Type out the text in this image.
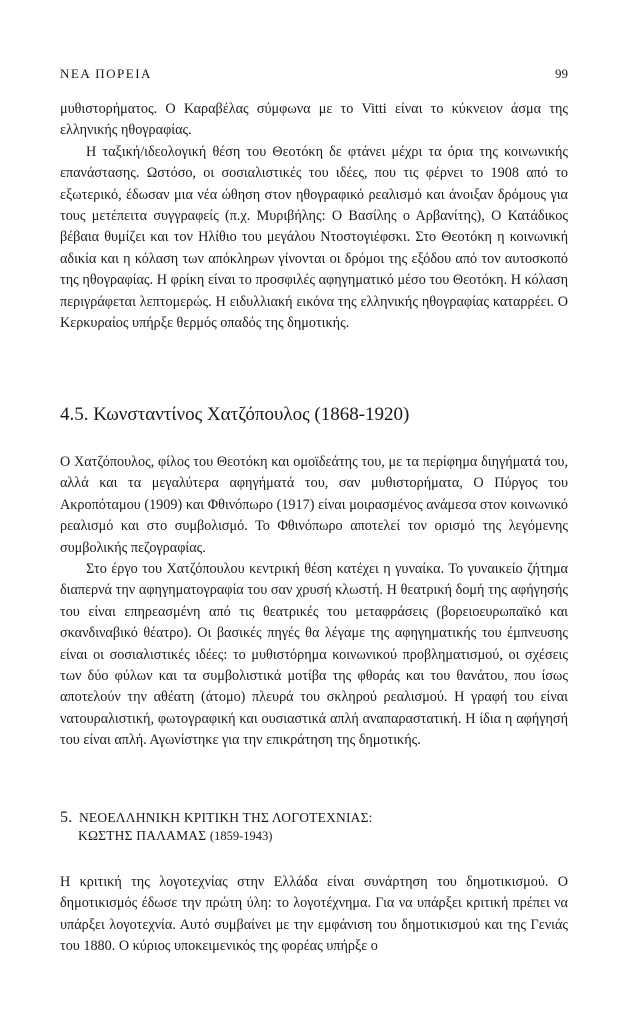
ΝΕΑ ΠΟΡΕΙΑ	99

μυθιστορήματος. Ο Καραβέλας σύμφωνα με το Vitti είναι το κύκνειον άσμα της ελληνικής ηθογραφίας.

Η ταξική/ιδεολογική θέση του Θεοτόκη δε φτάνει μέχρι τα όρια της κοινωνικής επανάστασης. Ωστόσο, οι σοσιαλιστικές του ιδέες, που τις φέρνει το 1908 από το εξωτερικό, έδωσαν μια νέα ώθηση στον ηθογραφικό ρεαλισμό και άνοιξαν δρόμους για τους μετέπειτα συγγραφείς (π.χ. Μυριβήλης: Ο Βασίλης ο Αρβανίτης), Ο Κατάδικος βέβαια θυμίζει και τον Ηλίθιο του μεγάλου Ντοστογιέφσκι. Στο Θεοτόκη η κοινωνική αδικία και η κόλαση των απόκληρων γίνονται οι δρόμοι της εξόδου από τον αυτοσκοπό της ηθογραφίας. Η φρίκη είναι το προσφιλές αφηγηματικό μέσο του Θεοτόκη. Η κόλαση περιγράφεται λεπτομερώς. Η ειδυλλιακή εικόνα της ελληνικής ηθογραφίας καταρρέει. Ο Κερκυραίος υπήρξε θερμός οπαδός της δημοτικής.

4.5. Κωνσταντίνος Χατζόπουλος (1868-1920)

Ο Χατζόπουλος, φίλος του Θεοτόκη και ομοϊδεάτης του, με τα περίφημα διηγήματά του, αλλά και τα μεγαλύτερα αφηγήματά του, σαν μυθιστορήματα, Ο Πύργος του Ακροπόταμου (1909) και Φθινόπωρο (1917) είναι μοιρασμένος ανάμεσα στον κοινωνικό ρεαλισμό και στο συμβολισμό. Το Φθινόπωρο αποτελεί τον ορισμό της λεγόμενης συμβολικής πεζογραφίας.

Στο έργο του Χατζόπουλου κεντρική θέση κατέχει η γυναίκα. Το γυναικείο ζήτημα διαπερνά την αφηγηματογραφία του σαν χρυσή κλωστή. Η θεατρική δομή της αφήγησής του είναι επηρεασμένη από τις θεατρικές του μεταφράσεις (βορειοευρωπαϊκό και σκανδιναβικό θέατρο). Οι βασικές πηγές θα λέγαμε της αφηγηματικής του έμπνευσης είναι οι σοσιαλιστικές ιδέες: το μυθιστόρημα κοινωνικού προβληματισμού, οι σχέσεις των δύο φύλων και τα συμβολιστικά μοτίβα της φθοράς και του θανάτου, που ίσως αποτελούν την αθέατη (άτομο) πλευρά του σκληρού ρεαλισμού. Η γραφή του είναι νατουραλιστική, φωτογραφική και ουσιαστικά απλή αναπαραστατική. Η ίδια η αφήγησή του είναι απλή. Αγωνίστηκε για την επικράτηση της δημοτικής.

5. ΝΕΟΕΛΛΗΝΙΚΗ ΚΡΙΤΙΚΗ ΤΗΣ ΛΟΓΟΤΕΧΝΙΑΣ:
ΚΩΣΤΗΣ ΠΑΛΑΜΑΣ (1859-1943)

Η κριτική της λογοτεχνίας στην Ελλάδα είναι συνάρτηση του δημοτικισμού. Ο δημοτικισμός έδωσε την πρώτη ύλη: το λογοτέχνημα. Για να υπάρξει κριτική πρέπει να υπάρξει λογοτεχνία. Αυτό συμβαίνει με την εμφάνιση του δημοτικισμού και της Γενιάς του 1880. Ο κύριος υποκειμενικός της φορέας υπήρξε ο
